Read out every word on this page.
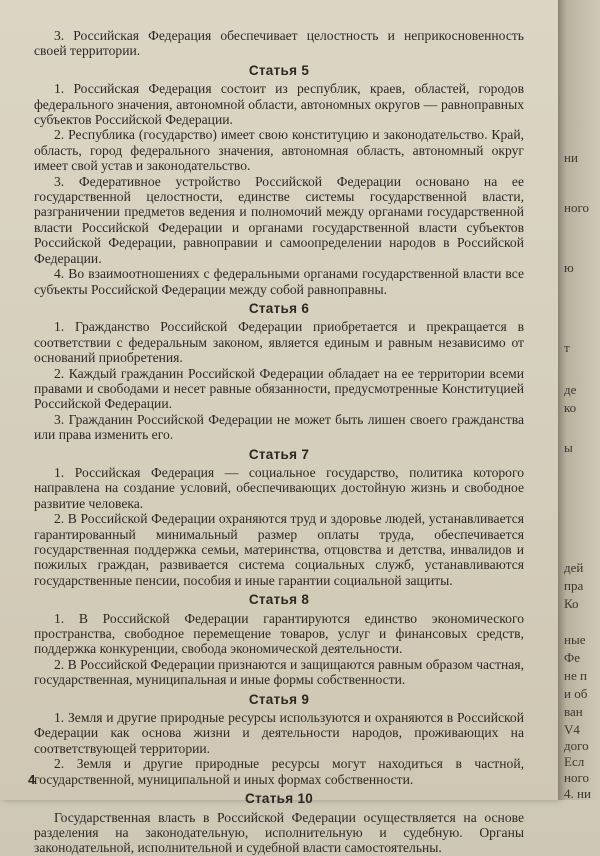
3. Российская Федерация обеспечивает целостность и неприкосновенность своей территории.

Статья 5

1. Российская Федерация состоит из республик, краев, областей, городов федерального значения, автономной области, автономных округов — равноправных субъектов Российской Федерации.

2. Республика (государство) имеет свою конституцию и законодательство. Край, область, город федерального значения, автономная область, автономный округ имеет свой устав и законодательство.

3. Федеративное устройство Российской Федерации основано на ее государственной целостности, единстве системы государственной власти, разграничении предметов ведения и полномочий между органами государственной власти Российской Федерации и органами государственной власти субъектов Российской Федерации, равноправии и самоопределении народов в Российской Федерации.

4. Во взаимоотношениях с федеральными органами государственной власти все субъекты Российской Федерации между собой равноправны.

Статья 6

1. Гражданство Российской Федерации приобретается и прекращается в соответствии с федеральным законом, является единым и равным независимо от оснований приобретения.

2. Каждый гражданин Российской Федерации обладает на ее территории всеми правами и свободами и несет равные обязанности, предусмотренные Конституцией Российской Федерации.

3. Гражданин Российской Федерации не может быть лишен своего гражданства или права изменить его.

Статья 7

1. Российская Федерация — социальное государство, политика которого направлена на создание условий, обеспечивающих достойную жизнь и свободное развитие человека.

2. В Российской Федерации охраняются труд и здоровье людей, устанавливается гарантированный минимальный размер оплаты труда, обеспечивается государственная поддержка семьи, материнства, отцовства и детства, инвалидов и пожилых граждан, развивается система социальных служб, устанавливаются государственные пенсии, пособия и иные гарантии социальной защиты.

Статья 8

1. В Российской Федерации гарантируются единство экономического пространства, свободное перемещение товаров, услуг и финансовых средств, поддержка конкуренции, свобода экономической деятельности.

2. В Российской Федерации признаются и защищаются равным образом частная, государственная, муниципальная и иные формы собственности.

Статья 9

1. Земля и другие природные ресурсы используются и охраняются в Российской Федерации как основа жизни и деятельности народов, проживающих на соответствующей территории.

2. Земля и другие природные ресурсы могут находиться в частной, государственной, муниципальной и иных формах собственности.

Статья 10

Государственная власть в Российской Федерации осуществляется на основе разделения на законодательную, исполнительную и судебную. Органы законодательной, исполнительной и судебной власти самостоятельны.

4
ни
т
де
ко
ы
дей
пра
Ко
ные
Фе
не п
и об
ван
V4
дого
Есл
ного
4. ни
ного
ю
